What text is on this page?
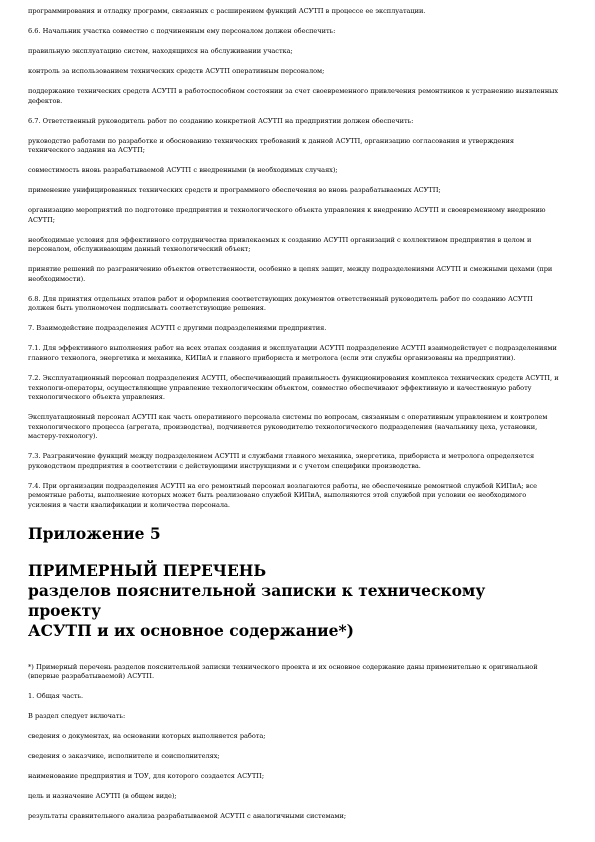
программирования и отладку программ, связанных с расширением функций АСУТП в процессе ее эксплуатации.

6.6. Начальник участка совместно с подчиненным ему персоналом должен обеспечить:

правильную эксплуатацию систем, находящихся на обслуживании участка;

контроль за использованием технических средств АСУТП оперативным персоналом;

поддержание технических средств АСУТП в работоспособном состоянии за счет своевременного привлечения ремонтников к устранению выявленных дефектов.

6.7. Ответственный руководитель работ по созданию конкретной АСУТП на предприятии должен обеспечить:

руководство работами по разработке и обоснованию технических требований к данной АСУТП, организацию согласования и утверждения технического задания на АСУТП;

совместимость вновь разрабатываемой АСУТП с внедренными (в необходимых случаях);

применение унифицированных технических средств и программного обеспечения во вновь разрабатываемых АСУТП;

организацию мероприятий по подготовке предприятия и технологического объекта управления к внедрению АСУТП и своевременному внедрению АСУТП;

необходимые условия для эффективного сотрудничества привлекаемых к созданию АСУТП организаций с коллективом предприятия в целом и персоналом, обслуживающим данный технологический объект;

принятие решений по разграничению объектов ответственности, особенно в цепях защит, между подразделениями АСУТП и смежными цехами (при необходимости).

6.8. Для принятия отдельных этапов работ и оформления соответствующих документов ответственный руководитель работ по созданию АСУТП должен быть уполномочен подписывать соответствующие решения.

7. Взаимодействие подразделения АСУТП с другими подразделениями предприятия.

7.1. Для эффективного выполнения работ на всех этапах создания и эксплуатации АСУТП подразделение АСУТП взаимодействует с подразделениями главного технолога, энергетика и механика, КИПиА и главного прибориста и метролога (если эти службы организованы на предприятии).

7.2. Эксплуатационный персонал подразделения АСУТП, обеспечивающий правильность функционирования комплекса технических средств АСУТП, и технологи-операторы, осуществляющие управление технологическим объектом, совместно обеспечивают эффективную и качественную работу технологического объекта управления.

Эксплуатационный персонал АСУТП как часть оперативного персонала системы по вопросам, связанным с оперативным управлением и контролем технологического процесса (агрегата, производства), подчиняется руководителю технологического подразделения (начальнику цеха, установки, мастеру-технологу).

7.3. Разграничение функций между подразделением АСУТП и службами главного механика, энергетика, прибориста и метролога определяется руководством предприятия в соответствии с действующими инструкциями и с учетом специфики производства.

7.4. При организации подразделения АСУТП на его ремонтный персонал возлагаются работы, не обеспеченные ремонтной службой КИПиА; все ремонтные работы, выполнение которых может быть реализовано службой КИПиА, выполняются этой службой при условии ее необходимого усиления в части квалификации и количества персонала.

Приложение 5
ПРИМЕРНЫЙ ПЕРЕЧЕНЬ
разделов пояснительной записки к техническому проекту
АСУТП и их основное содержание*)

*) Примерный перечень разделов пояснительной записки технического проекта и их основное содержание даны применительно к оригинальной (впервые разрабатываемой) АСУТП.

1. Общая часть.

В раздел следует включать:

сведения о документах, на основании которых выполняется работа;

сведения о заказчике, исполнителе и соисполнителях;

наименование предприятия и ТОУ, для которого создается АСУТП;

цель и назначение АСУТП (в общем виде);

результаты сравнительного анализа разрабатываемой АСУТП с аналогичными системами;
